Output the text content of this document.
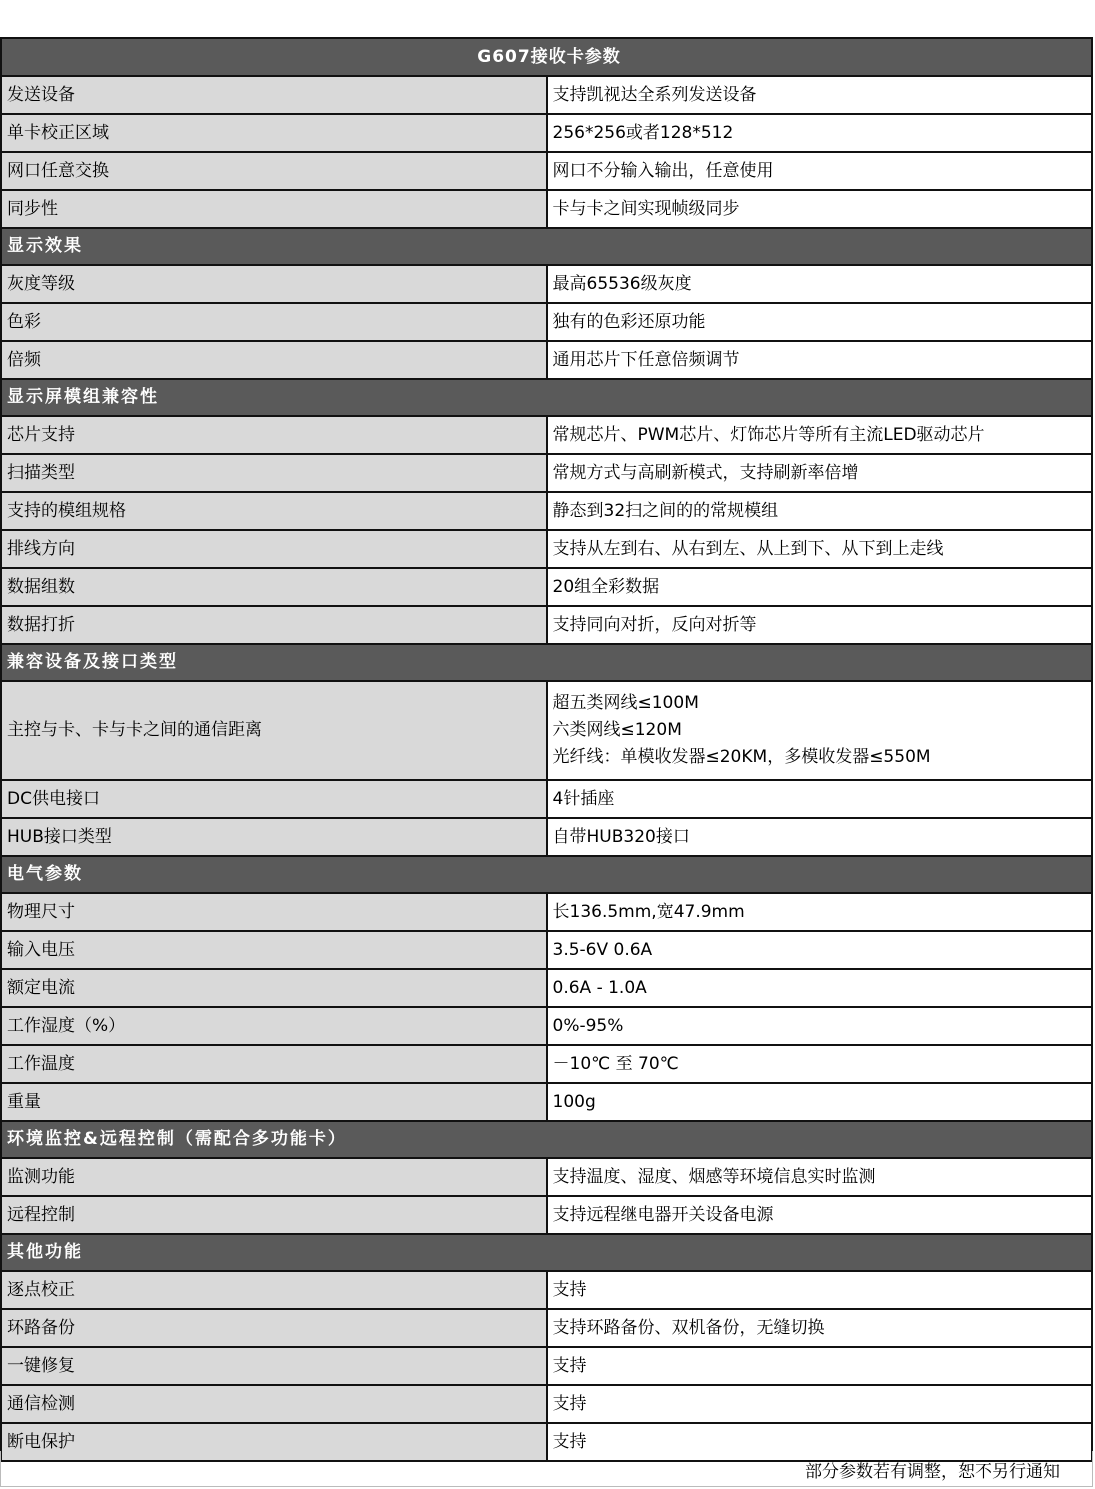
G607接收卡参数	
发送设备	支持凯视达全系列发送设备

单卡校正区域	256*256或者128*512

网口任意交换	网口不分输入输出，任意使用

同步性	卡与卡之间实现帧级同步

显示效果	
灰度等级	最高65536级灰度

色彩	独有的色彩还原功能

倍频	通用芯片下任意倍频调节

显示屏模组兼容性	
芯片支持	常规芯片、PWM芯片、灯饰芯片等所有主流LED驱动芯片

扫描类型	常规方式与高刷新模式，支持刷新率倍增

支持的模组规格	静态到32扫之间的的常规模组

排线方向	支持从左到右、从右到左、从上到下、从下到上走线

数据组数	20组全彩数据

数据打折	支持同向对折，反向对折等

兼容设备及接口类型	
主控与卡、卡与卡之间的通信距离	超五类网线≤100M
六类网线≤120M
光纤线：单模收发器≤20KM，多模收发器≤550M

DC供电接口	4针插座

HUB接口类型	自带HUB320接口

电气参数	
物理尺寸	长136.5mm,宽47.9mm

输入电压	3.5-6V 0.6A

额定电流	0.6A - 1.0A

工作湿度（%）	0%-95%

工作温度	－10℃ 至 70℃

重量	100g

环境监控&远程控制（需配合多功能卡）	
监测功能	支持温度、湿度、烟感等环境信息实时监测

远程控制	支持远程继电器开关设备电源

其他功能	
逐点校正	支持

环路备份	支持环路备份、双机备份，无缝切换

一键修复	支持

通信检测	支持

断电保护	支持
部分参数若有调整，恕不另行通知
